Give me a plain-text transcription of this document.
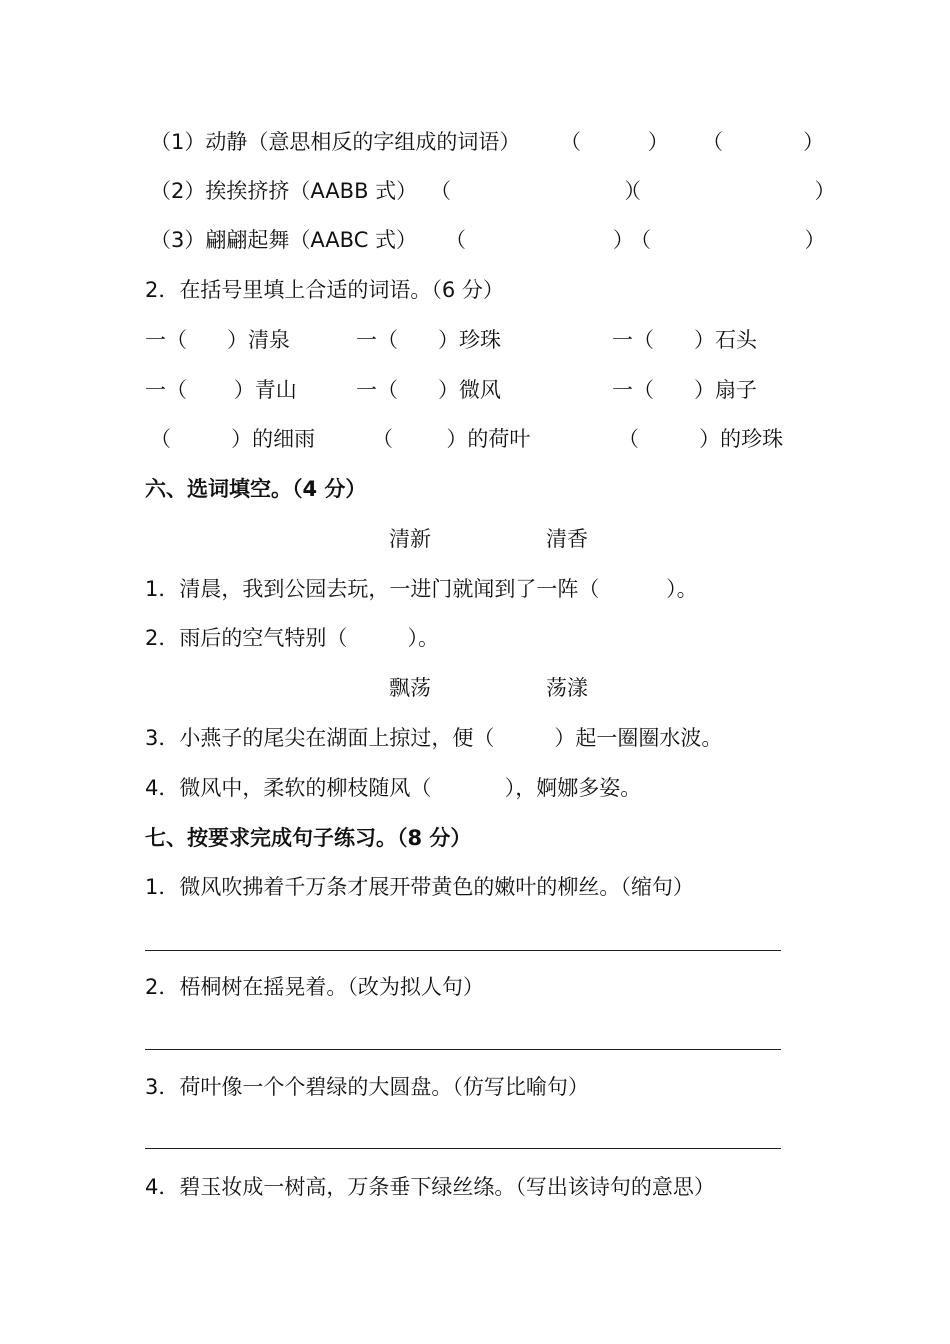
（1）动静（意思相反的字组成的词语） （          ） （            ）
（2）挨挨挤挤（AABB 式） （                          ）
（                          ）
（3）翩翩起舞（AABC 式） （                      ）
（                       ）
2．在括号里填上合适的词语。（6 分）
一（      ）清泉	一（      ）珍珠	一（      ）石头
一（       ）青山	一（      ）微风	一（      ）扇子
（         ）的细雨	（        ）的荷叶	（         ）的珍珠
六、选词填空。（4 分）
清新	清香
1．清晨，我到公园去玩，一进门就闻到了一阵（          ）。
2．雨后的空气特别（         ）。
飘荡	荡漾
3．小燕子的尾尖在湖面上掠过，便（         ）起一圈圈水波。
4．微风中，柔软的柳枝随风（           ），婀娜多姿。
七、按要求完成句子练习。（8 分）
1．微风吹拂着千万条才展开带黄色的嫩叶的柳丝。（缩句）
2．梧桐树在摇晃着。（改为拟人句）
3．荷叶像一个个碧绿的大圆盘。（仿写比喻句）
4．碧玉妆成一树高，万条垂下绿丝绦。（写出该诗句的意思）
